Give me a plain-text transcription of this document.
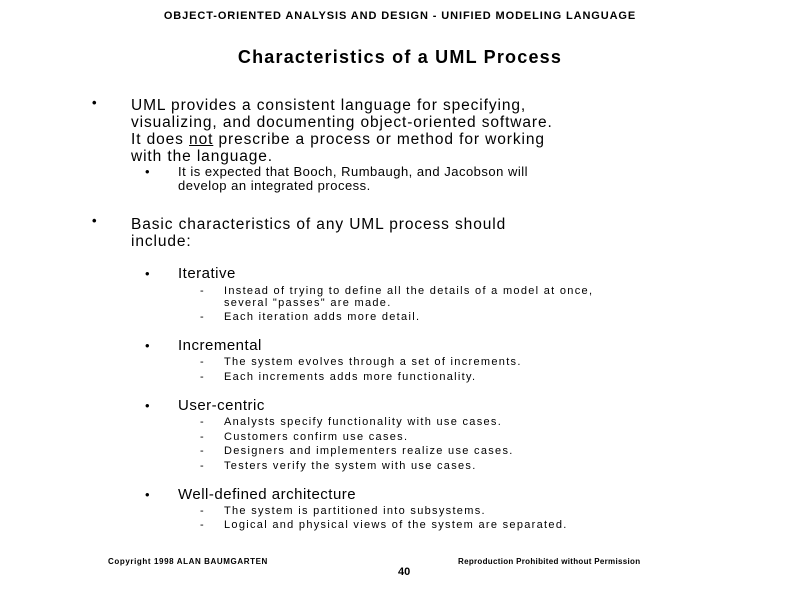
OBJECT-ORIENTED ANALYSIS AND DESIGN - UNIFIED MODELING LANGUAGE
Characteristics of a UML Process
• UML provides a consistent language for specifying,
visualizing, and documenting object-oriented software.
It does not prescribe a process or method for working
with the language.
• It is expected that Booch, Rumbaugh, and Jacobson will
develop an integrated process.
• Basic characteristics of any UML process should
include:
• Iterative
- Instead of trying to define all the details of a model at once,
several "passes" are made.
- Each iteration adds more detail.
• Incremental
- The system evolves through a set of increments.
- Each increments adds more functionality.
• User-centric
- Analysts specify functionality with use cases.
- Customers confirm use cases.
- Designers and implementers realize use cases.
- Testers verify the system with use cases.
• Well-defined architecture
- The system is partitioned into subsystems.
- Logical and physical views of the system are separated.
Copyright 1998 ALAN BAUMGARTEN	Reproduction Prohibited without Permission
40
